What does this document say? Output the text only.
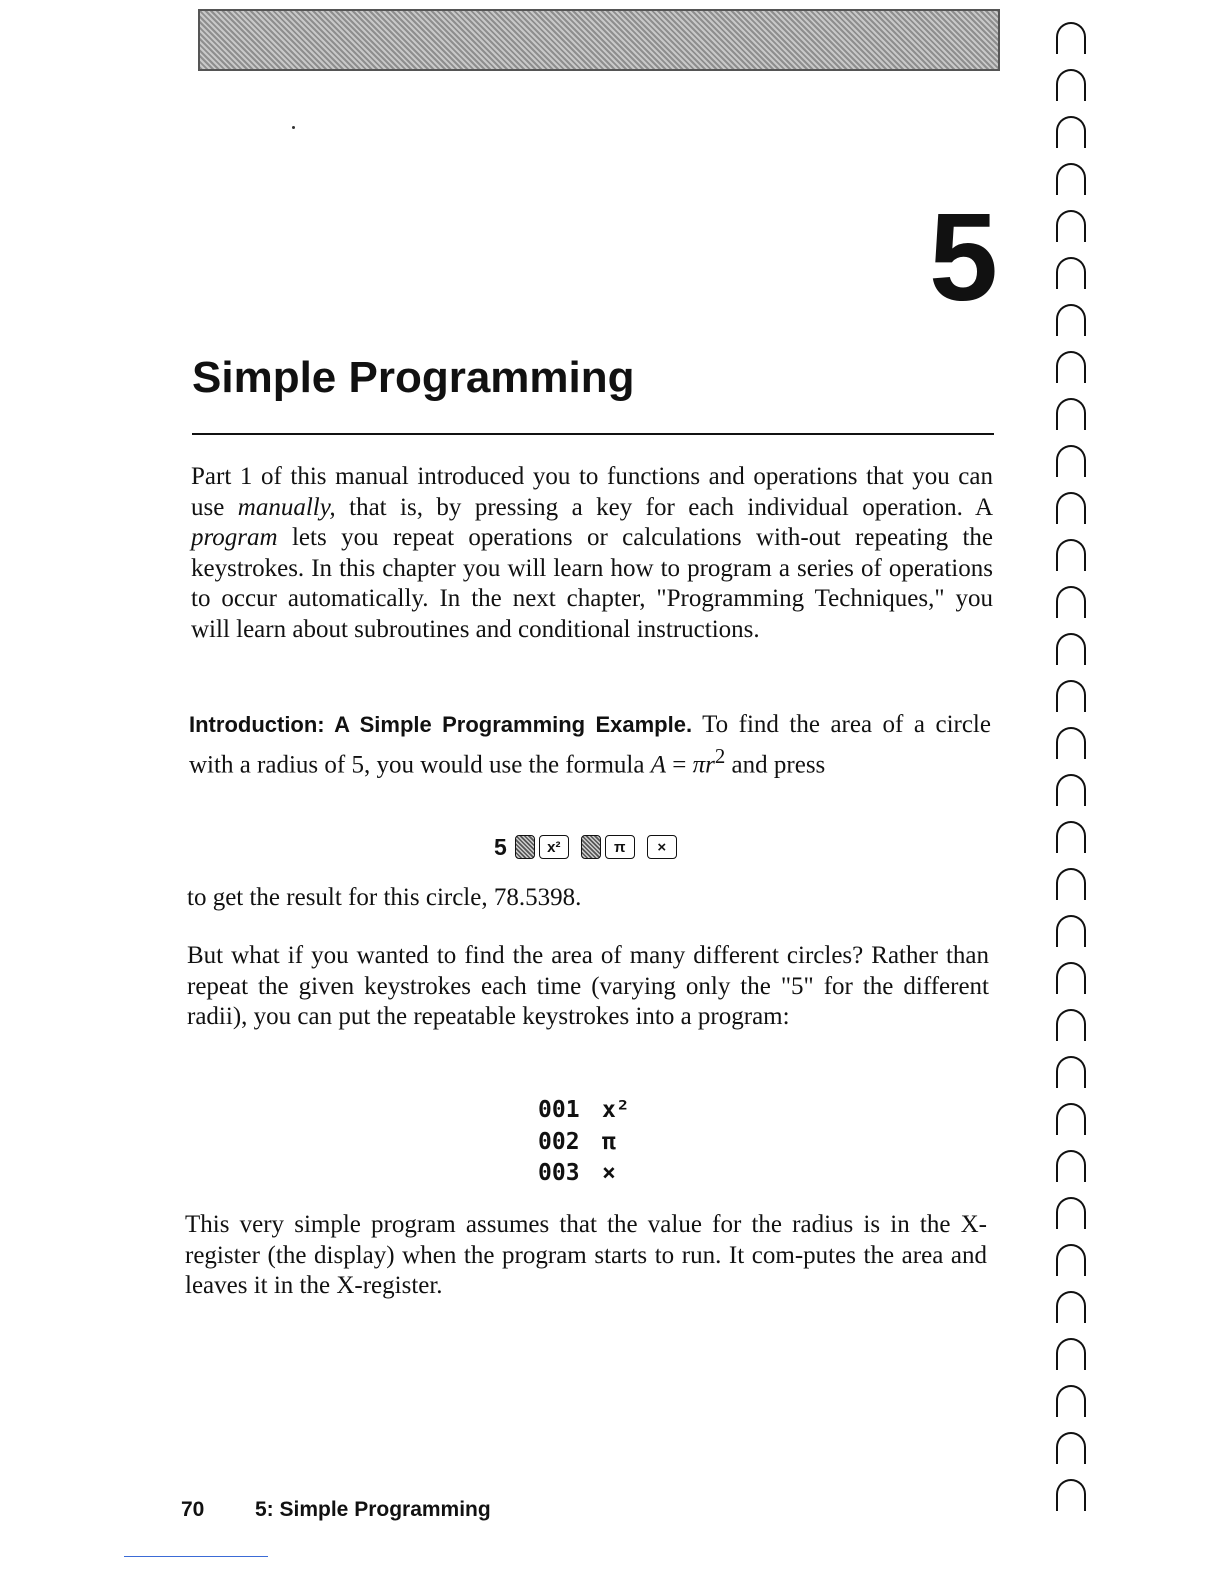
5
Simple Programming

Part 1 of this manual introduced you to functions and operations that you can use manually, that is, by pressing a key for each individual operation. A program lets you repeat operations or calculations with-out repeating the keystrokes. In this chapter you will learn how to program a series of operations to occur automatically. In the next chapter, "Programming Techniques," you will learn about subroutines and conditional instructions.

Introduction: A Simple Programming Example. To find the area of a circle with a radius of 5, you would use the formula $A = \pi r^2$ and press

5	x²	π	×

to get the result for this circle, 78.5398.

But what if you wanted to find the area of many different circles? Rather than repeat the given keystrokes each time (varying only the "5" for the different radii), you can put the repeatable keystrokes into a program:

001 x²
002 π
003 ×

This very simple program assumes that the value for the radius is in the X-register (the display) when the program starts to run. It com-putes the area and leaves it in the X-register.

70 5: Simple Programming
